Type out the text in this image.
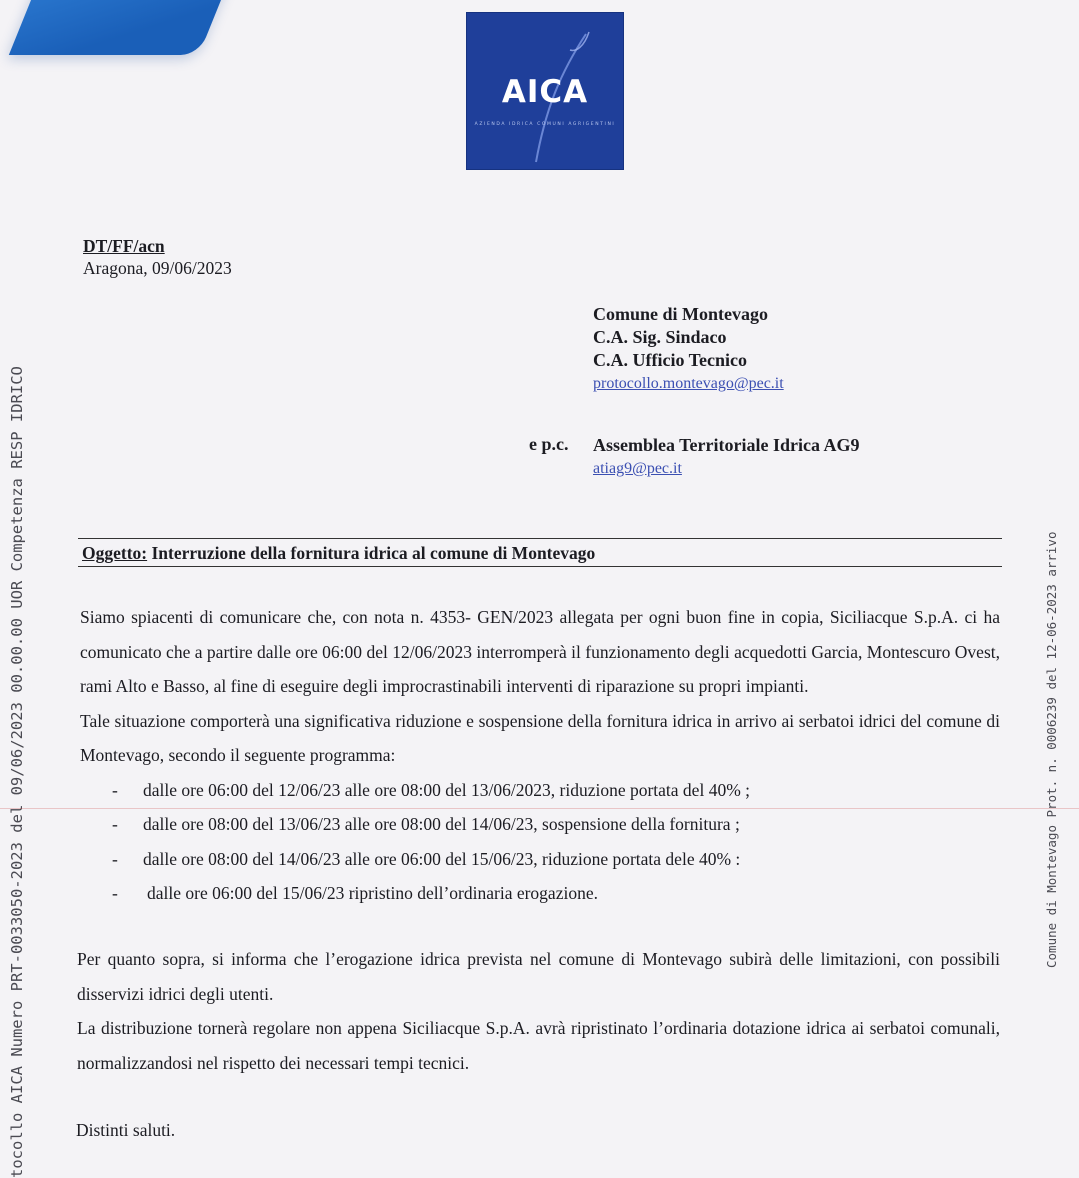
AICA
AZIENDA IDRICA COMUNI AGRIGENTINI
tocollo AICA Numero PRT-0033050-2023 del 09/06/2023 00.00.00 UOR Competenza RESP IDRICO	Comune di Montevago Prot. n. 0006239 del 12-06-2023 arrivo
DT/FF/acn
Aragona, 09/06/2023
Comune di Montevago
C.A. Sig. Sindaco
C.A. Ufficio Tecnico
protocollo.montevago@pec.it
e p.c. Assemblea Territoriale Idrica AG9
atiag9@pec.it
Oggetto: Interruzione della fornitura idrica al comune di Montevago

Siamo spiacenti di comunicare che, con nota n. 4353- GEN/2023 allegata per ogni buon fine in copia, Siciliacque S.p.A. ci ha comunicato che a partire dalle ore 06:00 del 12/06/2023 interromperà il funzionamento degli acquedotti Garcia, Montescuro Ovest, rami Alto e Basso, al fine di eseguire degli improcrastinabili interventi di riparazione su propri impianti.

Tale situazione comporterà una significativa riduzione e sospensione della fornitura idrica in arrivo ai serbatoi idrici del comune di Montevago, secondo il seguente programma:

- dalle ore 06:00 del 12/06/23 alle ore 08:00 del 13/06/2023, riduzione portata del 40% ;
- dalle ore 08:00 del 13/06/23 alle ore 08:00 del 14/06/23, sospensione della fornitura ;
- dalle ore 08:00 del 14/06/23 alle ore 06:00 del 15/06/23, riduzione portata dele 40% :
- dalle ore 06:00 del 15/06/23 ripristino dell’ordinaria erogazione.

Per quanto sopra, si informa che l’erogazione idrica prevista nel comune di Montevago subirà delle limitazioni, con possibili disservizi idrici degli utenti.

La distribuzione tornerà regolare non appena Siciliacque S.p.A. avrà ripristinato l’ordinaria dotazione idrica ai serbatoi comunali, normalizzandosi nel rispetto dei necessari tempi tecnici.

Distinti saluti.
